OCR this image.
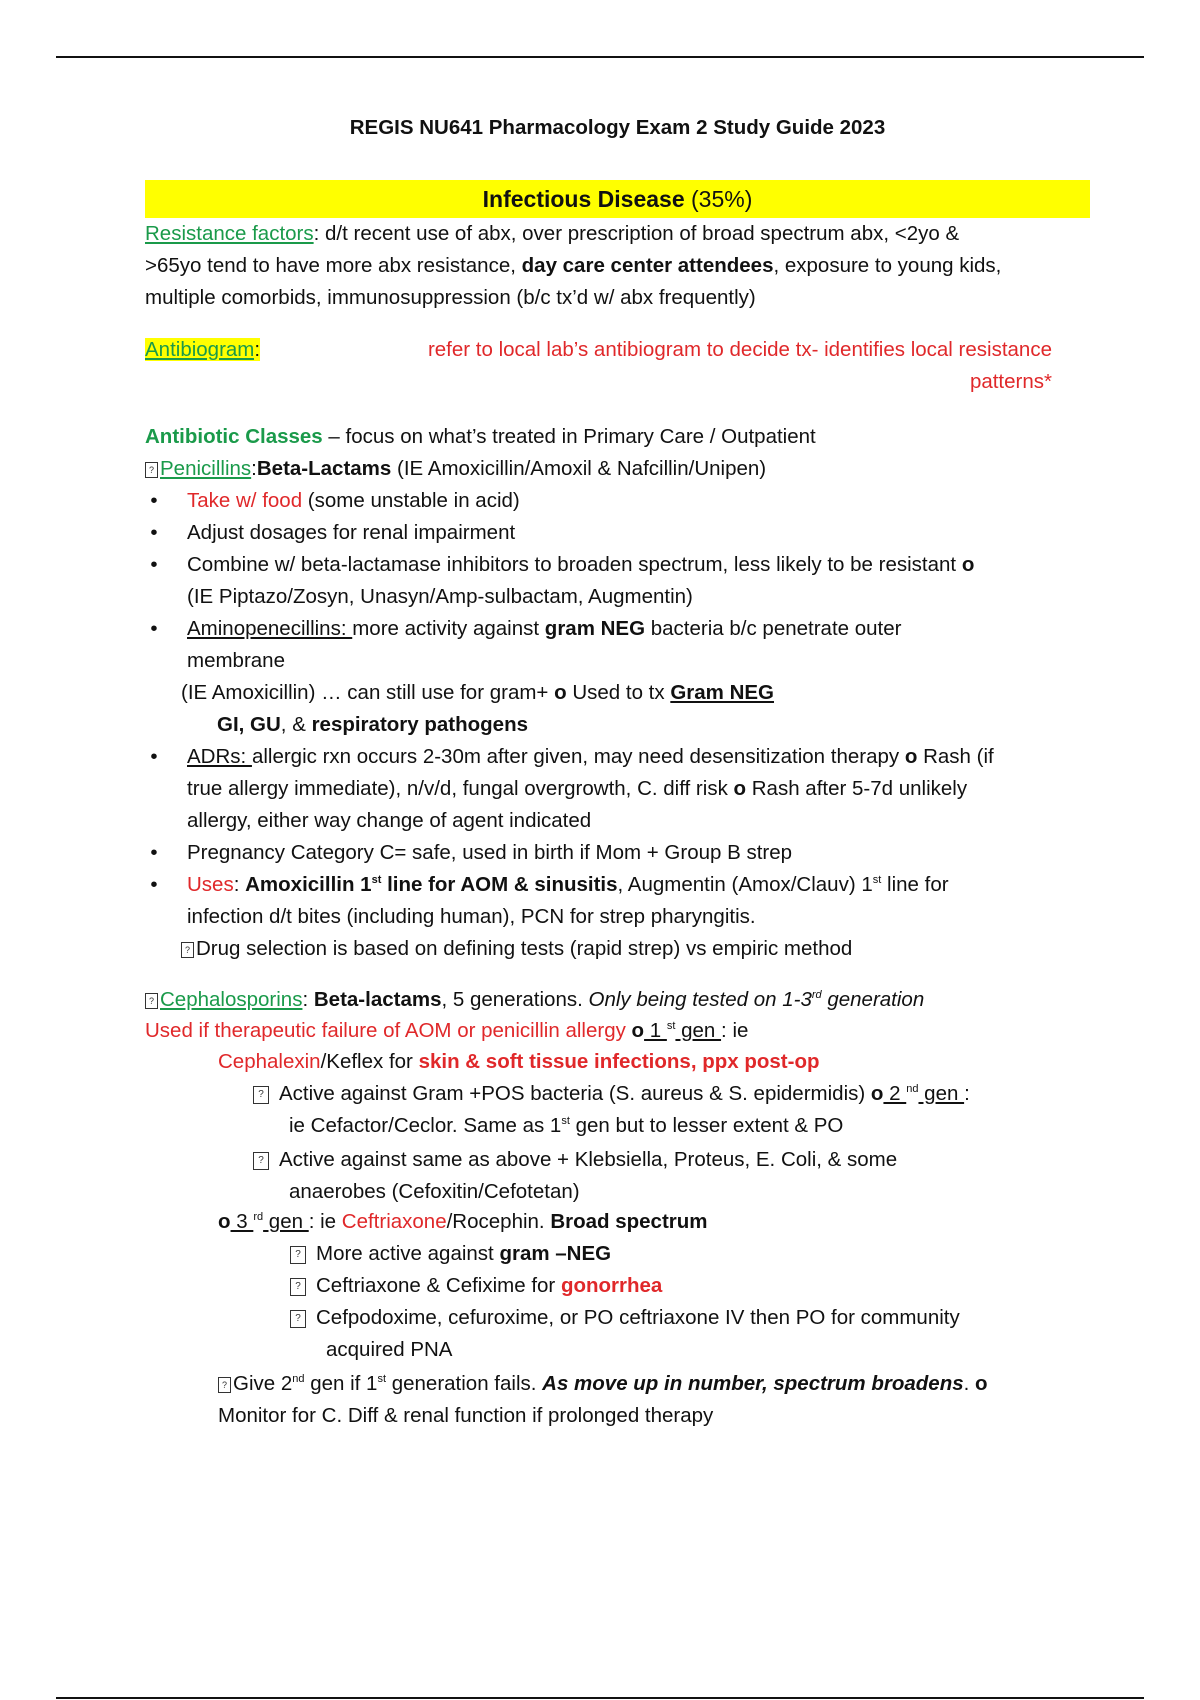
REGIS NU641 Pharmacology Exam 2 Study Guide 2023
Infectious Disease (35%)
Resistance factors: d/t recent use of abx, over prescription of broad spectrum abx, <2yo &
>65yo tend to have more abx resistance, day care center attendees, exposure to young kids,
multiple comorbids, immunosuppression (b/c tx’d w/ abx frequently)
Antibiogram:	refer to local lab’s antibiogram to decide tx- identifies local resistance
patterns*
Antibiotic Classes – focus on what’s treated in Primary Care / Outpatient
? Penicillins:Beta-Lactams (IE Amoxicillin/Amoxil & Nafcillin/Unipen)
• Take w/ food (some unstable in acid)
• Adjust dosages for renal impairment
• Combine w/ beta-lactamase inhibitors to broaden spectrum, less likely to be resistant o
(IE Piptazo/Zosyn, Unasyn/Amp-sulbactam, Augmentin)
• Aminopenecillins: more activity against gram NEG bacteria b/c penetrate outer
membrane
(IE Amoxicillin) … can still use for gram+ o Used to tx Gram NEG
GI, GU, & respiratory pathogens
• ADRs: allergic rxn occurs 2-30m after given, may need desensitization therapy o Rash (if
true allergy immediate), n/v/d, fungal overgrowth, C. diff risk o Rash after 5-7d unlikely
allergy, either way change of agent indicated
• Pregnancy Category C= safe, used in birth if Mom + Group B strep
• Uses: Amoxicillin 1st line for AOM & sinusitis, Augmentin (Amox/Clauv) 1st line for
infection d/t bites (including human), PCN for strep pharyngitis.
? Drug selection is based on defining tests (rapid strep) vs empiric method
? Cephalosporins: Beta-lactams, 5 generations. Only being tested on 1-3rd generation
Used if therapeutic failure of AOM or penicillin allergy o 1 $^{st}$ gen : ie
Cephalexin/Keflex for skin & soft tissue infections, ppx post-op
? Active against Gram +POS bacteria (S. aureus & S. epidermidis) o 2 $^{nd}$ gen :
ie Cefactor/Ceclor. Same as 1st gen but to lesser extent & PO
? Active against same as above + Klebsiella, Proteus, E. Coli, & some
anaerobes (Cefoxitin/Cefotetan)
o 3 $^{rd}$ gen : ie Ceftriaxone/Rocephin. Broad spectrum
? More active against gram –NEG
? Ceftriaxone & Cefixime for gonorrhea
? Cefpodoxime, cefuroxime, or PO ceftriaxone IV then PO for community
acquired PNA
? Give 2nd gen if 1st generation fails. As move up in number, spectrum broadens. o
Monitor for C. Diff & renal function if prolonged therapy
